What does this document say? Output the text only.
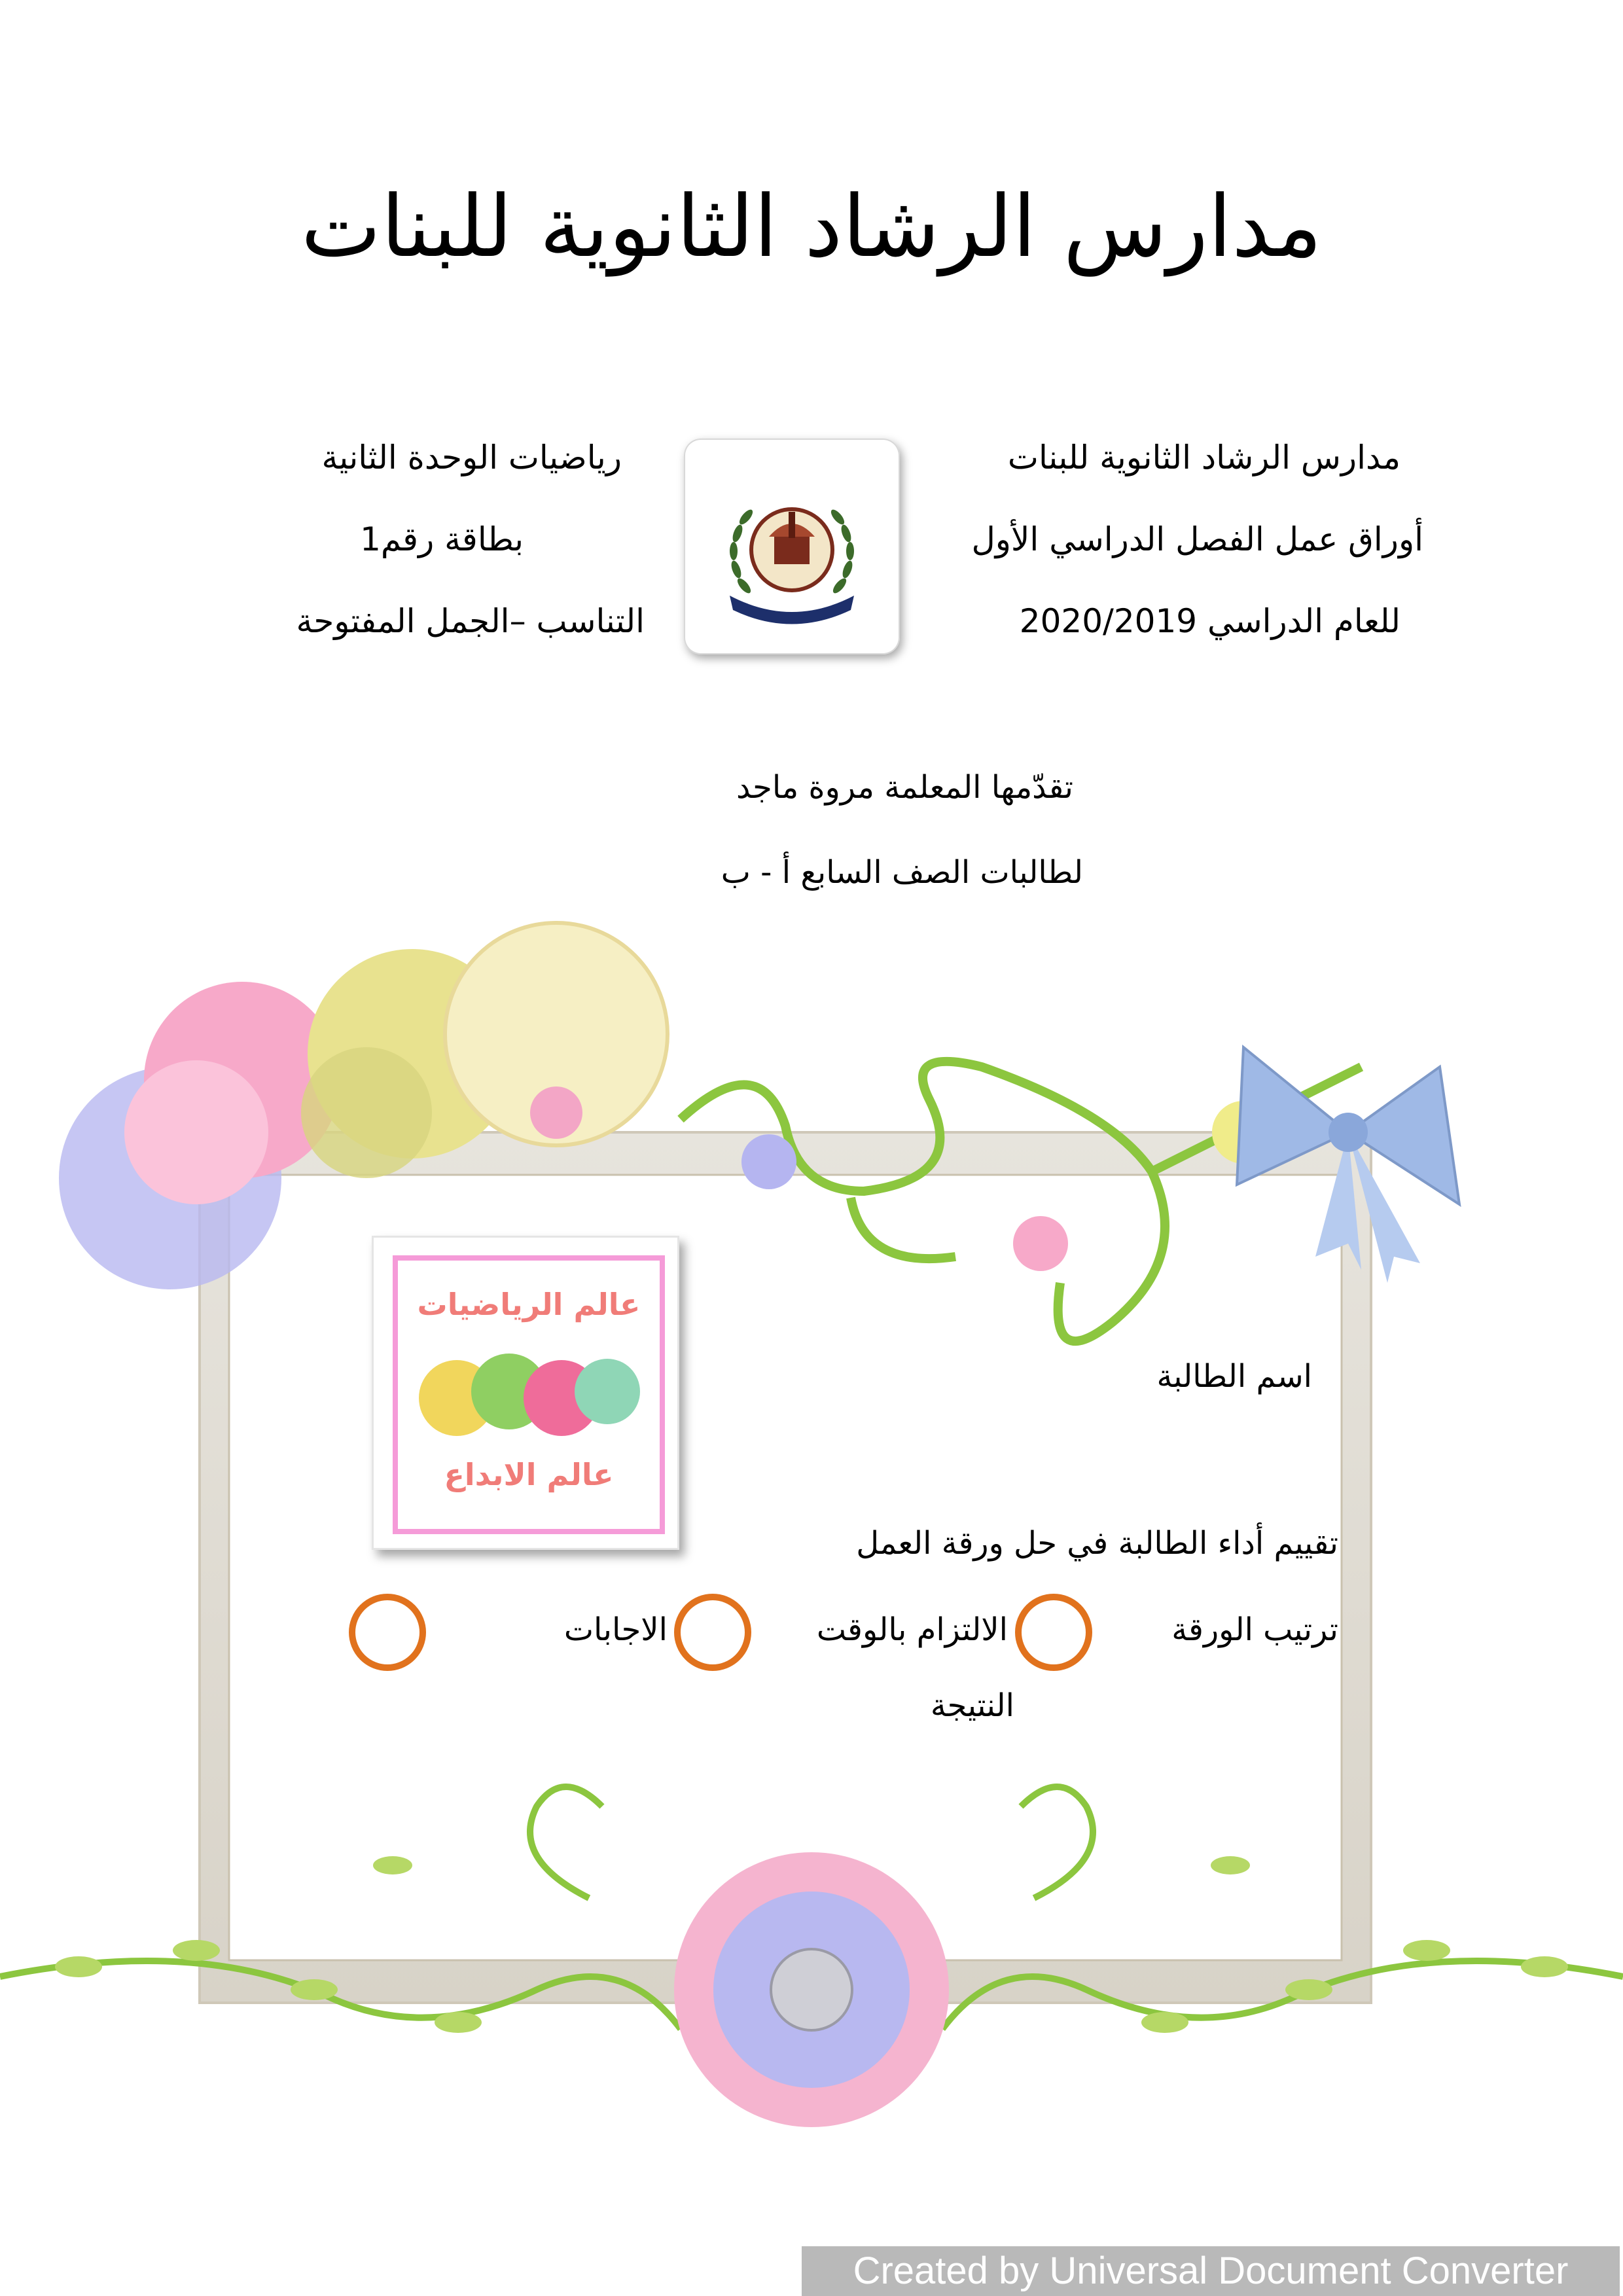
مدارس الرشاد الثانوية للبنات
مدارس الرشاد الثانوية للبنات
أوراق عمل الفصل الدراسي الأول
للعام الدراسي 2020/2019
رياضيات الوحدة الثانية
بطاقة رقم1
التناسب –الجمل المفتوحة
تقدّمها المعلمة مروة ماجد
لطالبات الصف السابع أ - ب
عالم الرياضيات
عالم الابداع
اسم الطالبة
تقييم أداء الطالبة في حل ورقة العمل
ترتيب الورقة
الالتزام بالوقت
الاجابات
النتيجة
Created by Universal Document Converter
